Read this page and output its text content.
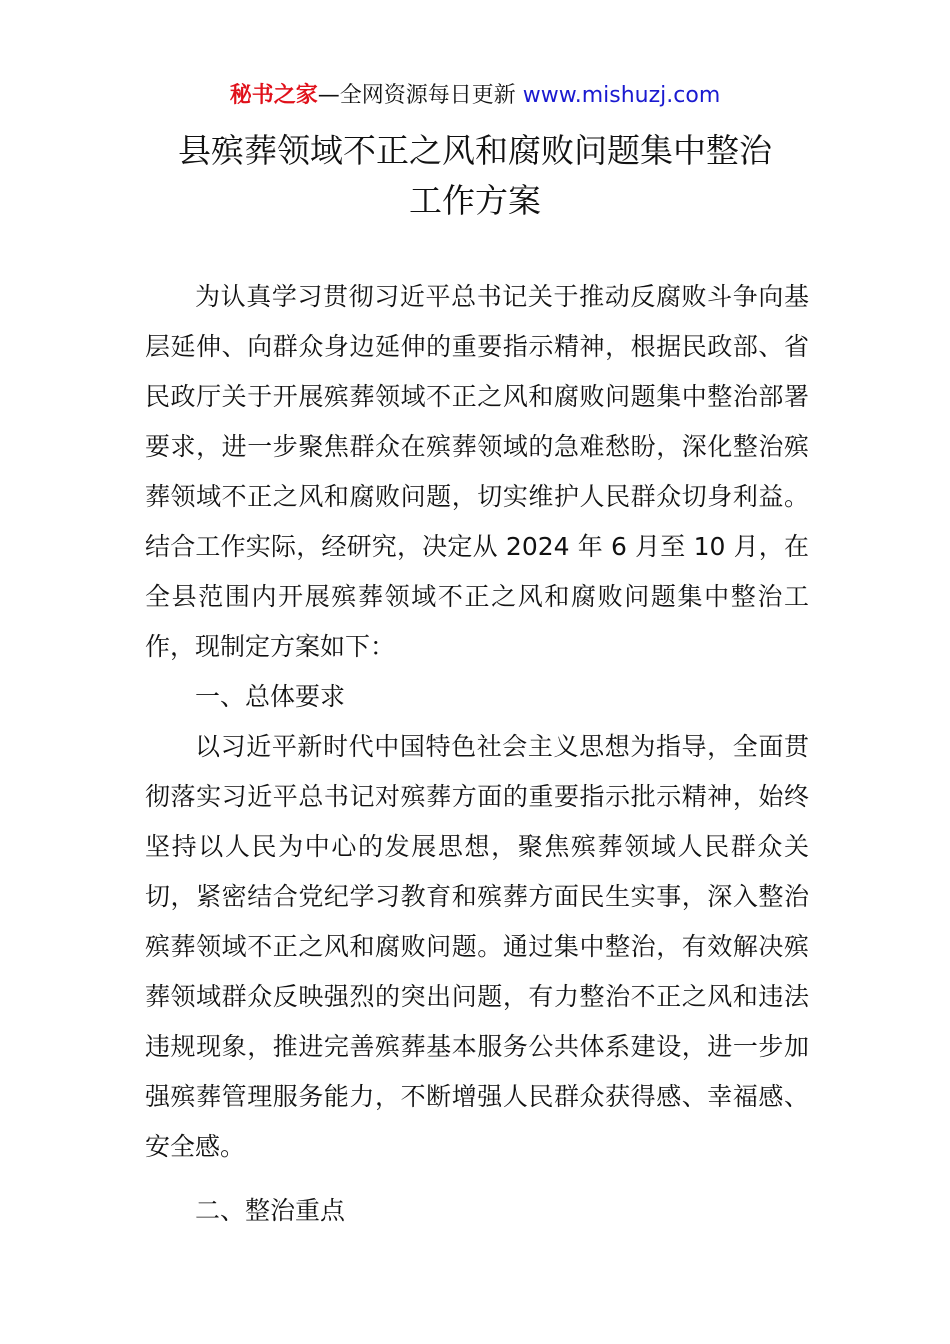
秘书之家—全网资源每日更新 www.mishuzj.com
县殡葬领域不正之风和腐败问题集中整治
工作方案

为认真学习贯彻习近平总书记关于推动反腐败斗争向基层延伸、向群众身边延伸的重要指示精神，根据民政部、省民政厅关于开展殡葬领域不正之风和腐败问题集中整治部署要求，进一步聚焦群众在殡葬领域的急难愁盼，深化整治殡葬领域不正之风和腐败问题，切实维护人民群众切身利益。结合工作实际，经研究，决定从 2024 年 6 月至 10 月，在全县范围内开展殡葬领域不正之风和腐败问题集中整治工作，现制定方案如下：

一、总体要求

以习近平新时代中国特色社会主义思想为指导，全面贯彻落实习近平总书记对殡葬方面的重要指示批示精神，始终坚持以人民为中心的发展思想，聚焦殡葬领域人民群众关切，紧密结合党纪学习教育和殡葬方面民生实事，深入整治殡葬领域不正之风和腐败问题。通过集中整治，有效解决殡葬领域群众反映强烈的突出问题，有力整治不正之风和违法违规现象，推进完善殡葬基本服务公共体系建设，进一步加强殡葬管理服务能力，不断增强人民群众获得感、幸福感、安全感。

二、整治重点
